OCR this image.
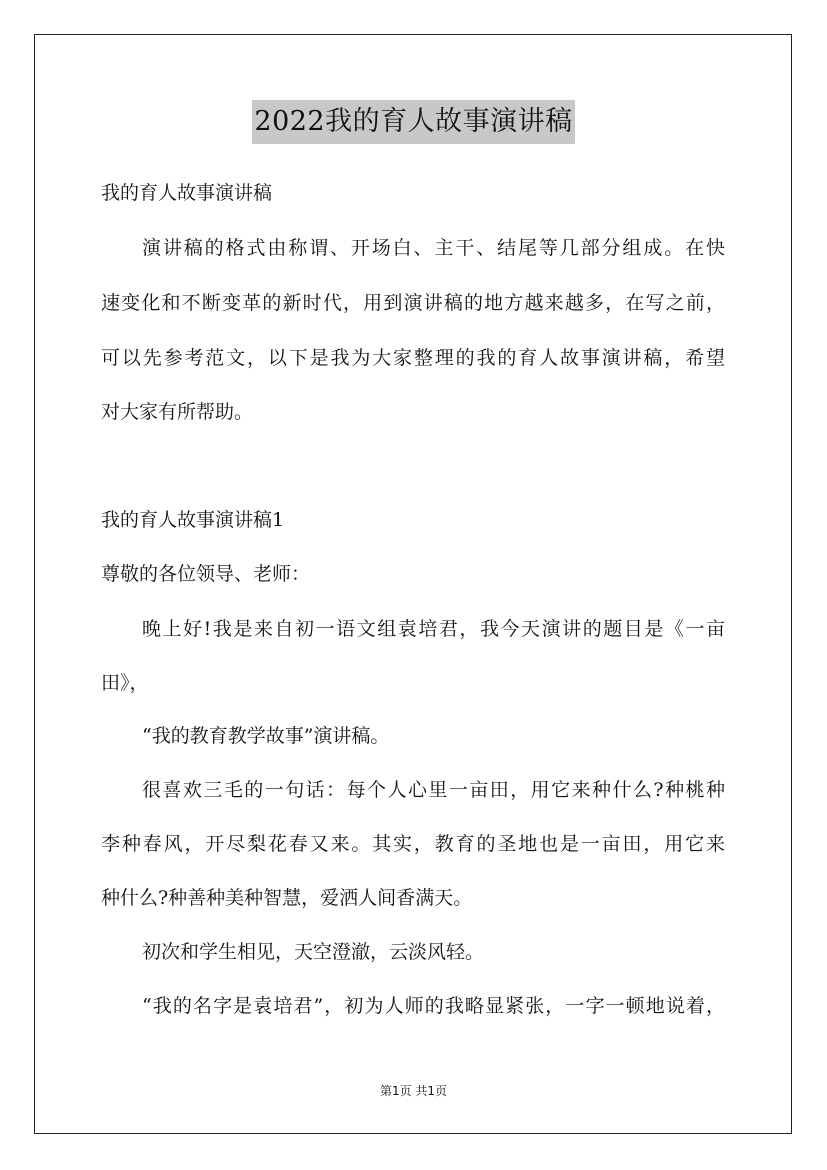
2022我的育人故事演讲稿
我的育人故事演讲稿
演讲稿的格式由称谓、开场白、主干、结尾等几部分组成。在快
速变化和不断变革的新时代，用到演讲稿的地方越来越多，在写之前，
可以先参考范文，以下是我为大家整理的我的育人故事演讲稿，希望
对大家有所帮助。
我的育人故事演讲稿1
尊敬的各位领导、老师：
晚上好!我是来自初一语文组袁培君，我今天演讲的题目是《一亩
田》，
“我的教育教学故事”演讲稿。
很喜欢三毛的一句话：每个人心里一亩田，用它来种什么?种桃种
李种春风，开尽梨花春又来。其实，教育的圣地也是一亩田，用它来
种什么?种善种美种智慧，爱洒人间香满天。
初次和学生相见，天空澄澈，云淡风轻。
“我的名字是袁培君”，初为人师的我略显紧张，一字一顿地说着，
第1页 共1页
